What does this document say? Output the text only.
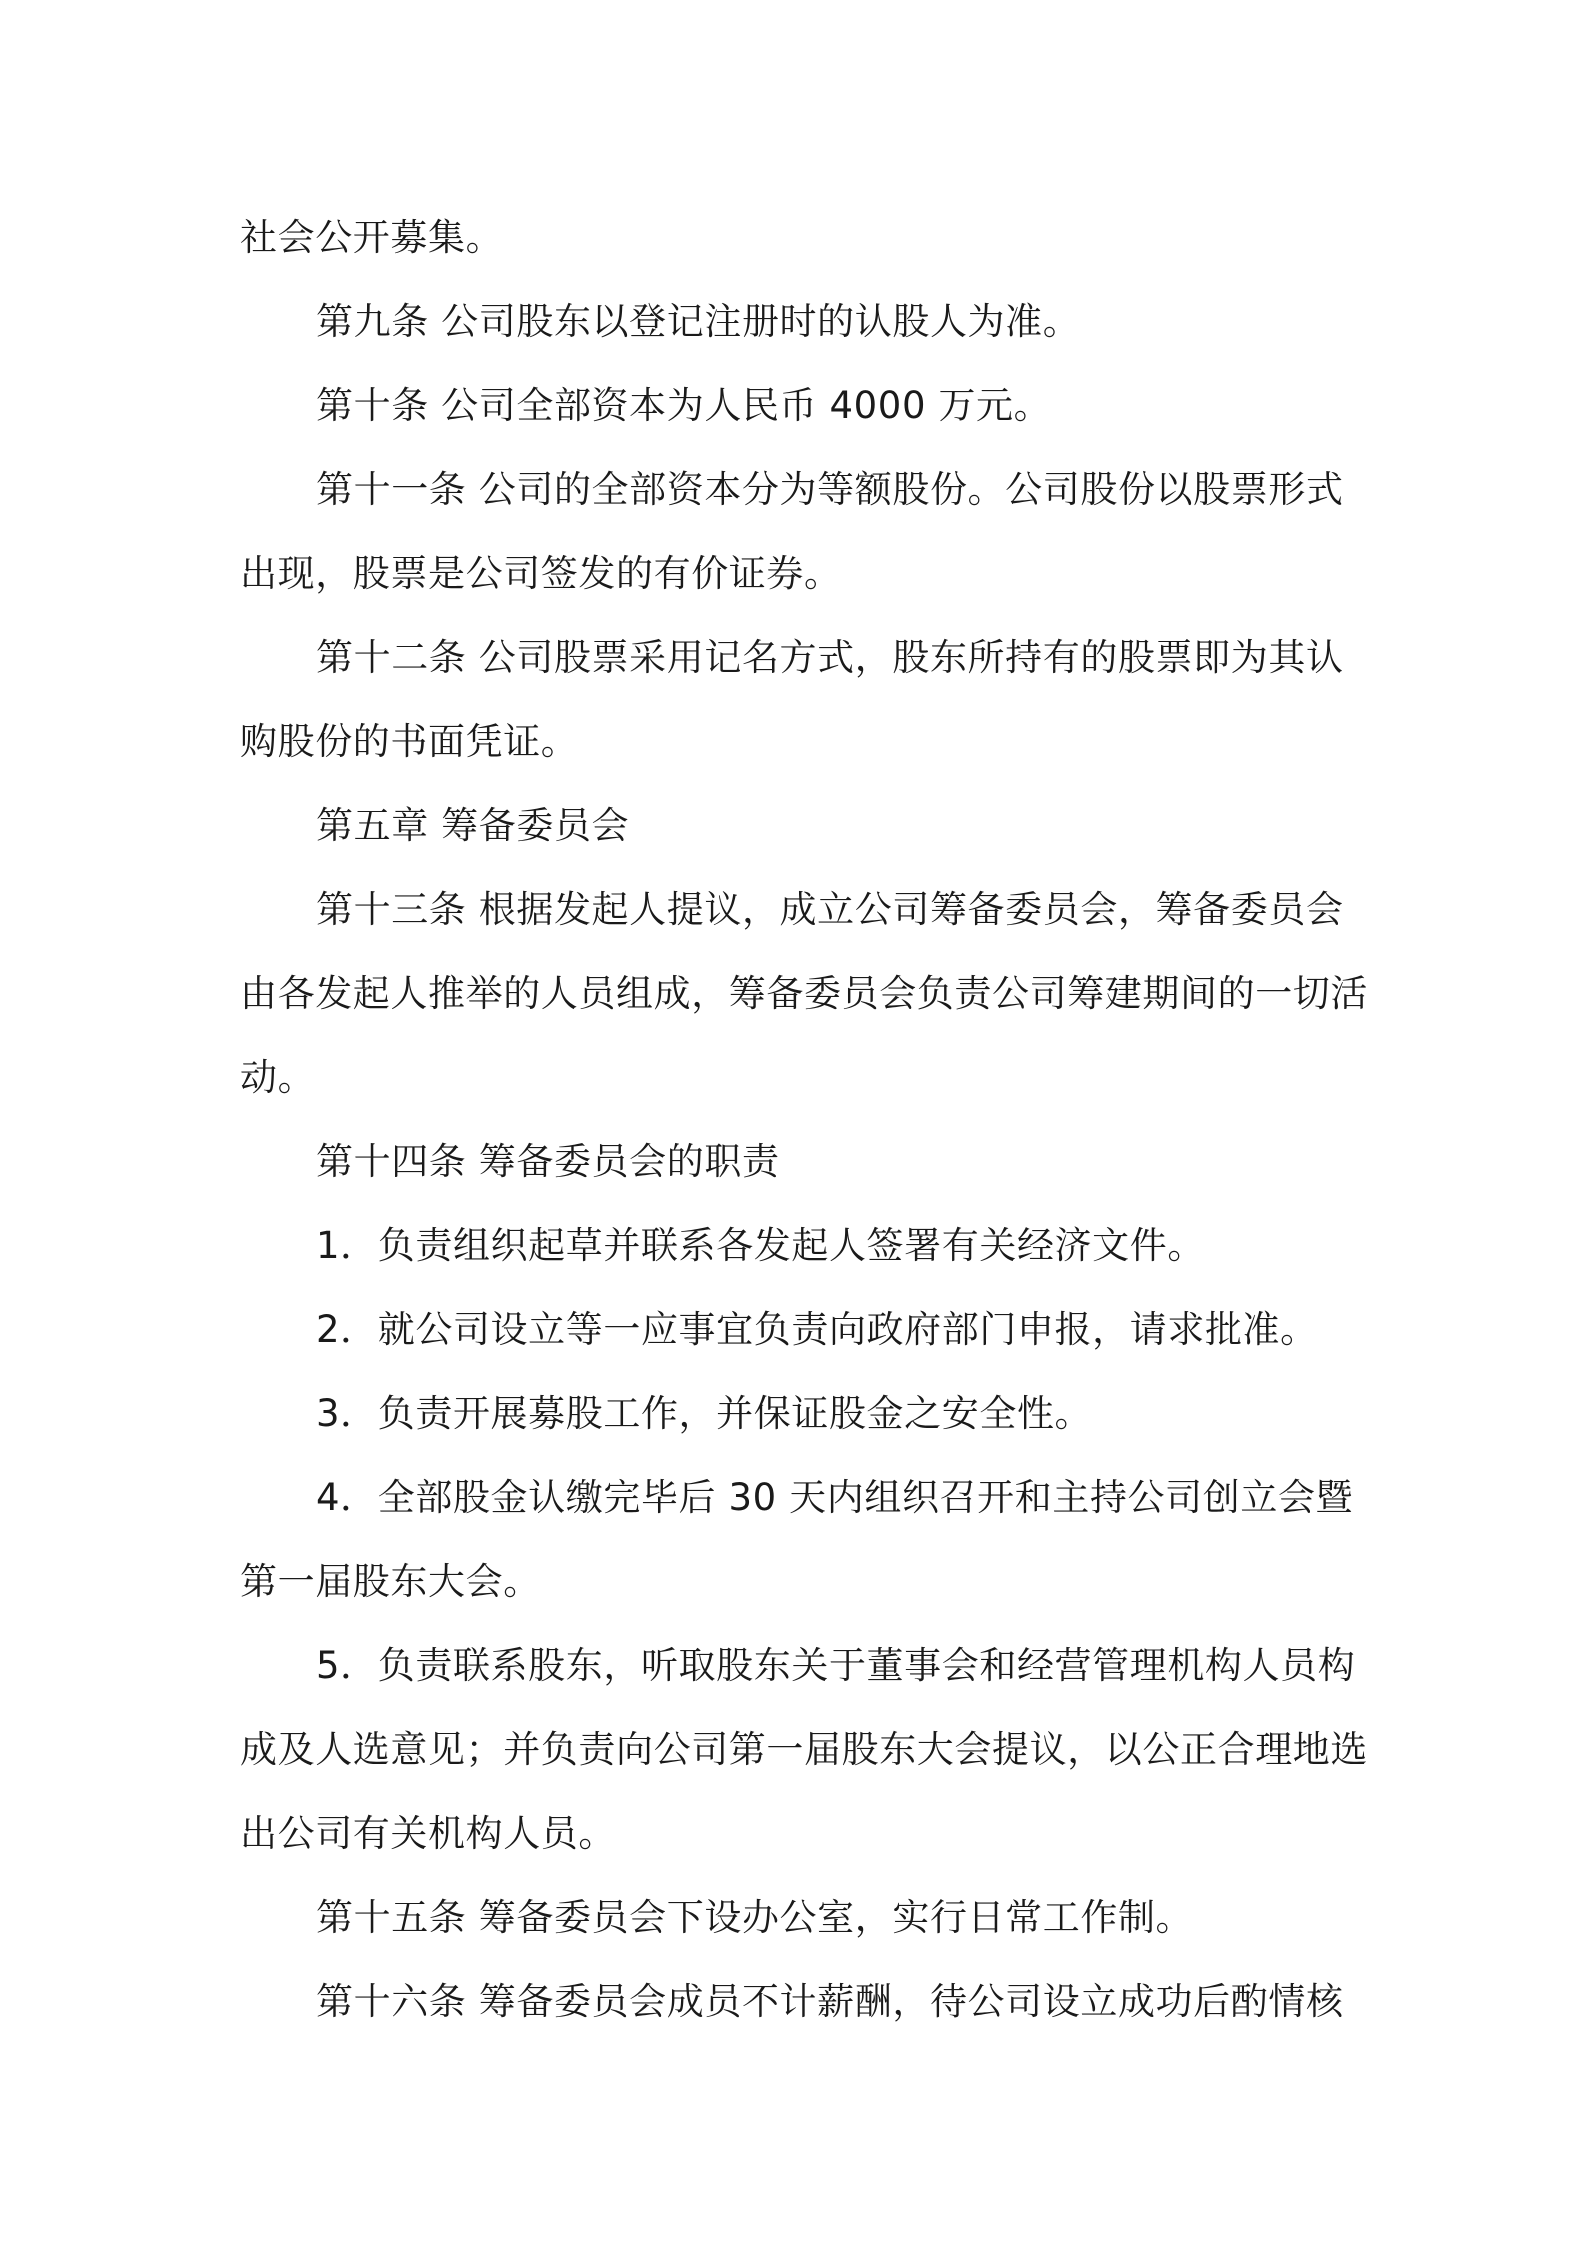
社会公开募集。
第九条 公司股东以登记注册时的认股人为准。
第十条 公司全部资本为人民币 4000 万元。
第十一条 公司的全部资本分为等额股份。公司股份以股票形式
出现，股票是公司签发的有价证券。
第十二条 公司股票采用记名方式，股东所持有的股票即为其认
购股份的书面凭证。
第五章 筹备委员会
第十三条 根据发起人提议，成立公司筹备委员会，筹备委员会
由各发起人推举的人员组成，筹备委员会负责公司筹建期间的一切活
动。
第十四条 筹备委员会的职责
1．负责组织起草并联系各发起人签署有关经济文件。
2．就公司设立等一应事宜负责向政府部门申报，请求批准。
3．负责开展募股工作，并保证股金之安全性。
4．全部股金认缴完毕后 30 天内组织召开和主持公司创立会暨
第一届股东大会。
5．负责联系股东，听取股东关于董事会和经营管理机构人员构
成及人选意见；并负责向公司第一届股东大会提议，以公正合理地选
出公司有关机构人员。
第十五条 筹备委员会下设办公室，实行日常工作制。
第十六条 筹备委员会成员不计薪酬，待公司设立成功后酌情核
